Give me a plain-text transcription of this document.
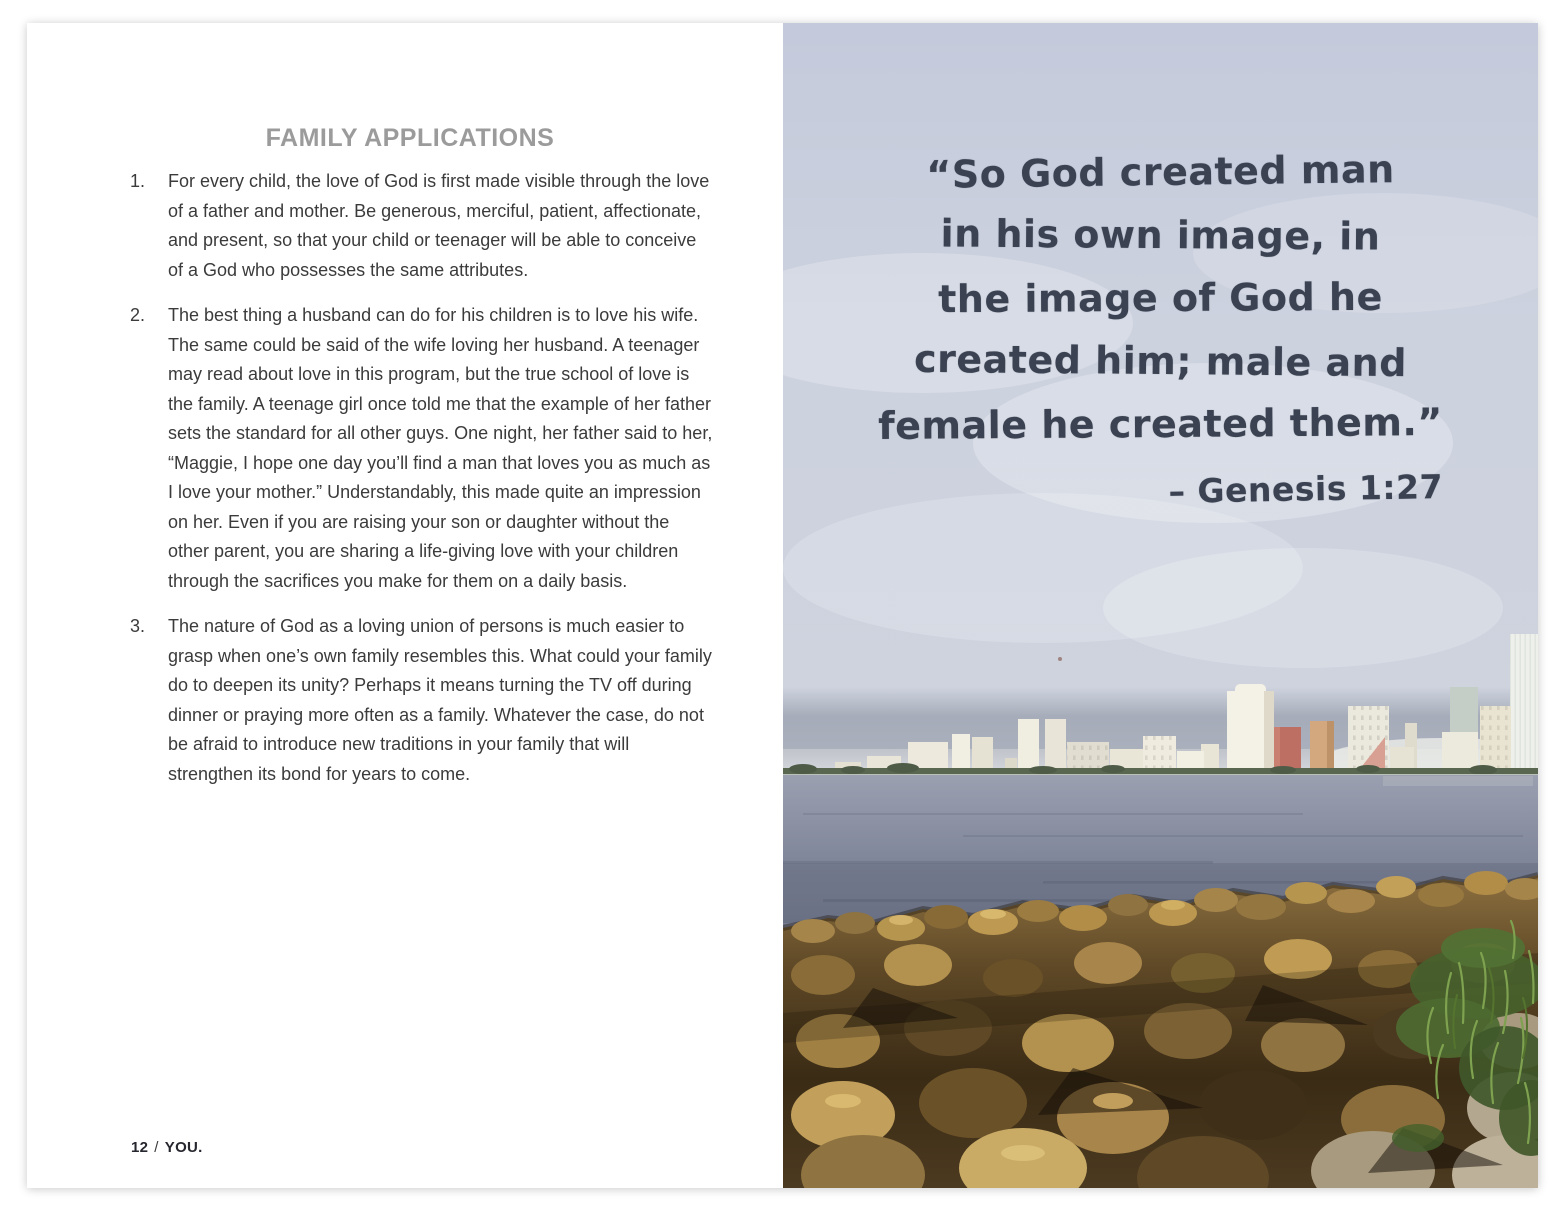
FAMILY APPLICATIONS
1.	For every child, the love of God is first made visible through the love of a father and mother. Be generous, merciful, patient, affectionate, and present, so that your child or teenager will be able to conceive of a God who possesses the same attributes.
2.	The best thing a husband can do for his children is to love his wife. The same could be said of the wife loving her husband. A teenager may read about love in this program, but the true school of love is the family. A teenage girl once told me that the example of her father sets the standard for all other guys. One night, her father said to her, “Maggie, I hope one day you’ll find a man that loves you as much as I love your mother.” Understandably, this made quite an impression on her. Even if you are raising your son or daughter without the other parent, you are sharing a life-giving love with your children through the sacrifices you make for them on a daily basis.
3.	The nature of God as a loving union of persons is much easier to grasp when one’s own family resembles this. What could your family do to deepen its unity? Perhaps it means turning the TV off during dinner or praying more often as a family. Whatever the case, do not be afraid to introduce new traditions in your family that will strengthen its bond for years to come.
12 / YOU.
“So God created man
in his own image, in
the image of God he
created him; male and
female he created them.”
– Genesis 1:27
